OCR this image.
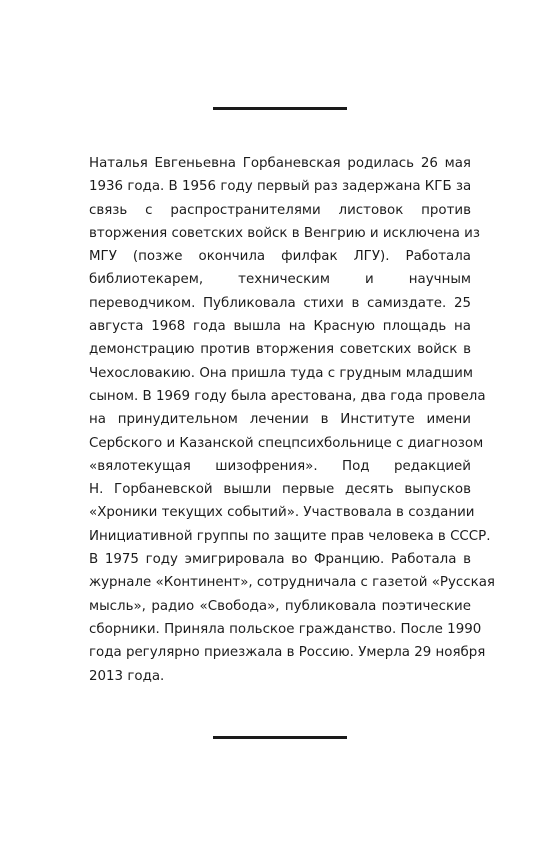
Наталья Евгеньевна Горбаневская родилась 26 мая
1936 года. В 1956 году первый раз задержана КГБ за
связь с распространителями листовок против
вторжения советских войск в Венгрию и исключена из
МГУ (позже окончила филфак ЛГУ). Работала
библиотекарем, техническим и научным
переводчиком. Публиковала стихи в самиздате. 25
августа 1968 года вышла на Красную площадь на
демонстрацию против вторжения советских войск в
Чехословакию. Она пришла туда с грудным младшим
сыном. В 1969 году была арестована, два года провела
на принудительном лечении в Институте имени
Сербского и Казанской спецпсихбольнице с диагнозом
«вялотекущая шизофрения». Под редакцией
Н. Горбаневской вышли первые десять выпусков
«Хроники текущих событий». Участвовала в создании
Инициативной группы по защите прав человека в СССР.
В 1975 году эмигрировала во Францию. Работала в
журнале «Континент», сотрудничала с газетой «Русская
мысль», радио «Свобода», публиковала поэтические
сборники. Приняла польское гражданство. После 1990
года регулярно приезжала в Россию. Умерла 29 ноября
2013 года.
